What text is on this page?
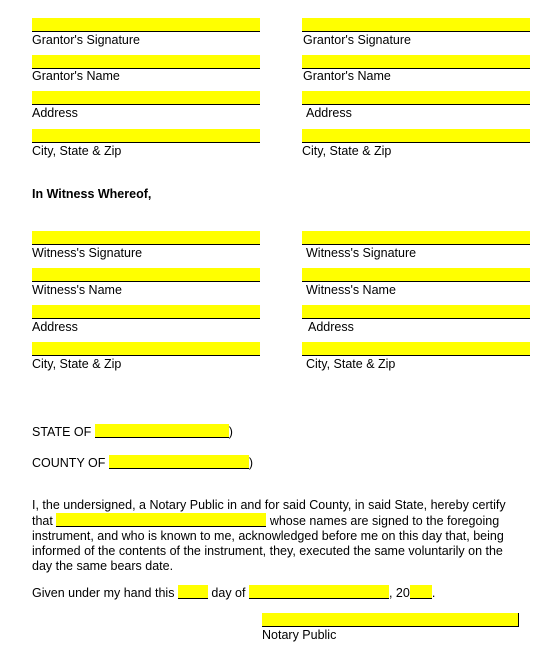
Grantor's Signature
Grantor's Name
Address
City, State & Zip
Grantor's Signature
Grantor's Name
Address
City, State & Zip
In Witness Whereof,
Witness's Signature
Witness's Name
Address
City, State & Zip
Witness's Signature
Witness's Name
Address
City, State & Zip
STATE OF	)
COUNTY OF	)
I, the undersigned, a Notary Public in and for said County, in said State, hereby certify
that	whose names are signed to the foregoing
instrument, and who is known to me, acknowledged before me on this day that, being
informed of the contents of the instrument, they, executed the same voluntarily on the
day the same bears date.
Given under my hand this	day of	, 20 .
Notary Public
